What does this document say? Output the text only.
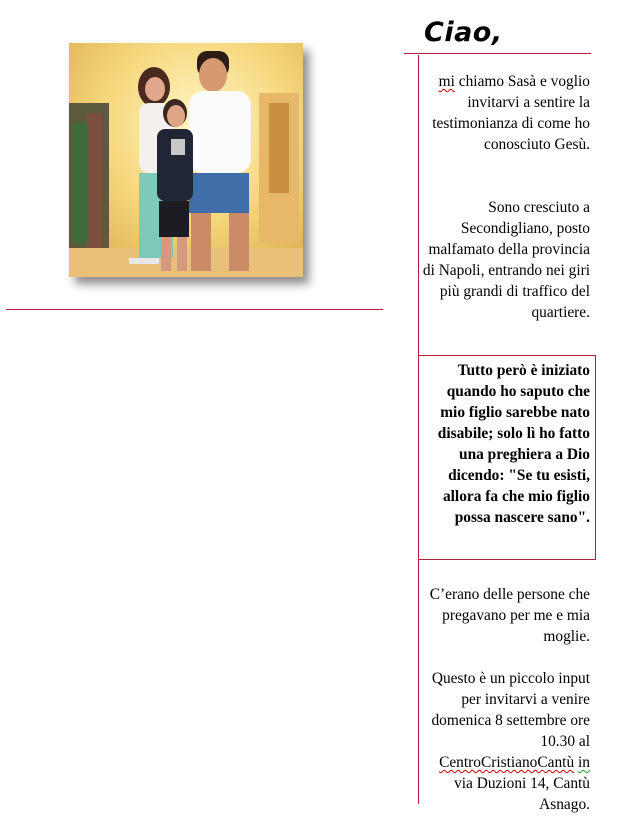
Ciao,

mi chiamo Sasà e voglio invitarvi a sentire la testimonianza di come ho conosciuto Gesù.

Sono cresciuto a Secondigliano, posto malfamato della provincia di Napoli, entrando nei giri più grandi di traffico del quartiere.

Tutto però è iniziato quando ho saputo che mio figlio sarebbe nato disabile; solo lì ho fatto una preghiera a Dio dicendo: "Se tu esisti, allora fa che mio figlio possa nascere sano".

C’erano delle persone che pregavano per me e mia moglie.

Questo è un piccolo input per invitarvi a venire domenica 8 settembre ore 10.30 al CentroCristianoCantù in via Duzioni 14, Cantù Asnago.
